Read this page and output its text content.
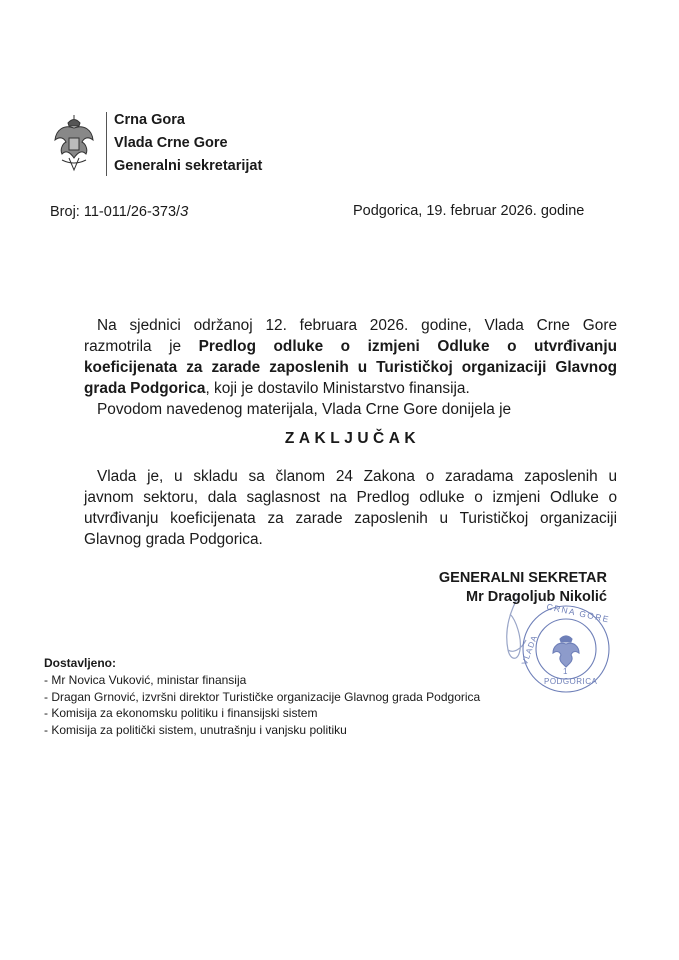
Crna Gora
Vlada Crne Gore
Generalni sekretarijat
Broj: 11-011/26-373/3	Podgorica, 19. februar 2026. godine
Na sjednici održanoj 12. februara 2026. godine, Vlada Crne Gore
razmotrila je Predlog odluke o izmjeni Odluke o utvrđivanju
koeficijenata za zarade zaposlenih u Turističkoj organizaciji Glavnog
grada Podgorica, koji je dostavilo Ministarstvo finansija.
Povodom navedenog materijala, Vlada Crne Gore donijela je
ZAKLJUČAK
Vlada je, u skladu sa članom 24 Zakona o zaradama zaposlenih u
javnom sektoru, dala saglasnost na Predlog odluke o izmjeni Odluke o
utvrđivanju koeficijenata za zarade zaposlenih u Turističkoj organizaciji
Glavnog grada Podgorica.
CRNA GORE
VLADA
PODGORICA
1
GENERALNI SEKRETAR
Mr Dragoljub Nikolić
Dostavljeno:
- Mr Novica Vuković, ministar finansija
- Dragan Grnović, izvršni direktor Turističke organizacije Glavnog grada Podgorica
- Komisija za ekonomsku politiku i finansijski sistem
- Komisija za politički sistem, unutrašnju i vanjsku politiku
